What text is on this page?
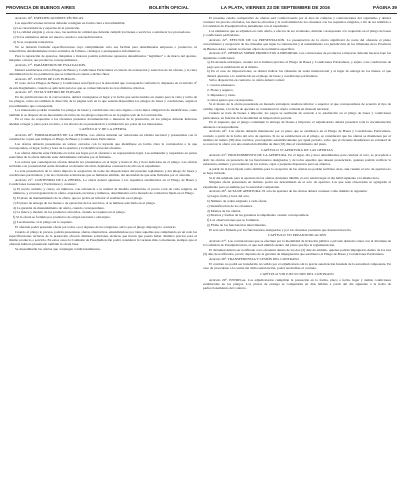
PROVINCIA DE BUENOS AIRES	BOLETÍN OFICIAL	LA PLATA, VIERNES 23 DE SEPTIEMBRE DE 2016	PÁGINA 39

Artículo 16°. ESPECIFICACIONES TÉCNICAS.

Las especificaciones técnicas deberán consignar en forma clara e inconfundible:

a) Las características y especies de la prestación.

b) La calidad exigida y, en su caso, las normas de calidad que deberán cumplir los bienes o servicios o satisfacer los proveedores.

c) Si los elementos deben ser nuevos, usados o reacondicionados.

d) Si se aceptarán tolerancias.

No se deberán formular especificaciones cuyo cumplimiento sólo sea factible para determinadas empresas o productos, ni transcribirse detalladamente textos extraídos de folletos, catálogos o presupuestos informativos.

Para la reparación de aparatos, máquinas o motores podrán solicitarse repuestos denominados “legítimos” o de marca del aparato, máquina o motor, sus productos correspondientes.

Artículo 17°. PARÁMETROS DE EVALUACIÓN.

Deberá establecerse en los Pliegos de Bases y Condiciones Particulares el criterio de evaluación y selección de las ofertas, y la clara determinación de los parámetros que se tomarán en cuenta a dichos fines.

Artículo 18°. COSTOS DE LOS PLIEGOS.

El costo de los Pliegos de Bases y Condiciones será fijado por la Autoridad que corresponda conforme lo dispuesto en el artículo 4° de este Reglamento, cuando se aplicarán para los que se comercializarán los tres distintos criterios.

Artículo 19°. VISTA Y RETIRO DE PLIEGOS.

En las publicaciones de la convocatoria, deberá consignarse el lugar y la fecha que serán tenidos en cuenta para la vista y retiro de los pliegos, como así también la dirección de la página web en la que estarán disponibles los pliegos de bases y condiciones, según el procedimiento que corresponda.

Los interesados podrán consultar los pliegos de bases y condiciones sin costo alguno, con la única obligación de identificarse, como también si se dispone de un mecanismo de retiro de los pliegos respectivos en la página web de la Contratación.

En el caso de requerirse a los oferentes presentar documentación o muestras de la prestación, en los pliegos deberán indicarse además el lugar y plazo para el retiro, a los efectos de su presentación y tramitación por parte de los interesados.

CAPÍTULO V DE LA OFERTA

Artículo 20°. FORMALIDADES DE LA OFERTA. Las ofertas deberán ser redactadas en idioma nacional y presentadas con la cantidad de copias que indique el Pliego de Bases y Condiciones Particulares.

Las ofertas deberán presentarse en sobres cerrados con la leyenda que identifique en forma clara la contratación a la que corresponden, el lugar, fecha y hora de la apertura y la identificación del oferente.

Las ofertas deberán estar firmadas en todas sus hojas por el oferente o su representante legal. Las enmiendas y raspaduras en partes esenciales de la oferta deberán estar debidamente salvadas por el firmante.

Los sobres que contengan las ofertas deberán ser presentados en el lugar y hasta el día y hora indicados en el pliego. Las ofertas recibidas con posterioridad serán devueltas al oferente sin abrir, dejándose constancia de ello en el expediente.

La sola presentación de la oferta importa la aceptación de todas las disposiciones del presente reglamento y del pliego de bases y condiciones particulares, y de las circulares aclaratorias que se hubieren emitido, sin necesidad de que sean firmadas por el oferente.

Artículo 21°. CONTENIDO DE LA OFERTA. La oferta deberá ajustarse a los requisitos establecidos en el Pliego de Bases y Condiciones Generales y Particulares y contener:

a) El precio unitario y cierto, en números, con referencia a la unidad de medida establecida, el precio total de cada renglón, en números, y el total general de la oferta, expresado en letras y números, determinados en la moneda de cotización fijada en el Pliego.

b) El plazo de mantenimiento de la oferta, que no podrá ser inferior al establecido en el pliego.

c) El plazo de entrega de los bienes o de ejecución de los servicios, si se hubiese solicitado en el pliego.

d) La garantía de mantenimiento de oferta, cuando correspondiere.

e) La marca y modelo de los productos ofrecidos, cuando se requiera en el pliego.

f) Si la oferta se formula por productos de origen nacional o extranjero.

g) Las muestras, si el pliego así lo requiere.

El oferente podrá presentar oferta por todos o por algunos de los renglones, salvo que el pliego disponga lo contrario.

Cuando el pliego lo prevea, podrán presentarse ofertas alternativas, entendiéndose por tales aquellas que cumpliendo en un todo las especificaciones técnicas de la prestación ofrecen distintas soluciones técnicas que hacen que pueda haber distintos precios para el mismo producto o servicio. En estos casos la Comisión de Preadjudicación podrá considerar la variante más conveniente, siempre que el oferente hubiera presentado también la oferta base.

Se desestimarán las ofertas que contengan condicionamientos.

El presente cuadro comparativo de ofertas será confeccionado por el área de compras y contrataciones del organismo y deberá contener los precios ofertados, las marcas ofrecidas y la conformidad de los oferentes con los requisitos exigidos, a fin de ser remitido a la Comisión de Preadjudicación juntamente con el expediente.

Los elementos que se adjunten en cada oferta, a efectos de ser evaluados, deberán corresponder a lo requerido en el pliego de bases y condiciones particulares.

Artículo 22°. EFECTOS DE LA PRESENTACIÓN. La presentación de la oferta significará de parte del oferente el pleno conocimiento y aceptación de las cláusulas que rigen la contratación y el sometimiento a la jurisdicción de los tribunales de la Provincia de Buenos Aires, cuando no fueren objeto de normativa específica.

Artículo 23°. OFERTAS SOBRE PRODUCTOS A IMPORTAR. Las cotizaciones de productos a importar deberán hacerse bajo las siguientes condiciones:

a) En moneda extranjera, cuando así lo hubiera previsto el Pliego de Bases y Condiciones Particulares, y sujeto a las condiciones de pago que se establezcan en el mismo.

b) En el caso de importaciones, se deberá indicar las cláusulas de venta internacional y el lugar de entrega de los bienes, el que deberá ajustarse a lo establecido en el pliego de bases y condiciones particulares.

Salvo disposición en contrario, la oferta deberá cotizar:

1. Gastos aduaneros.

2. Fletes y seguros.

3. Impuestos y tasas.

4. Otros gastos que correspondan.

Si el monto de la oferta presentada en moneda extranjera resultara inferior o superior al que correspondiere de acuerdo al tipo de cambio vigente, a la fecha de apertura se considerará la oferta cotizada en moneda nacional.

Cuando se trate de bienes a importar, los pagos se realizarán de acuerdo a lo establecido en el pliego de bases y condiciones particulares, en función de la modalidad de importación pactada.

En el supuesto que el pliego contemple la entrega de bienes a importar, el adjudicatario deberá presentar toda la documentación aduanera correspondiente.

Artículo 24°. Las ofertas deberán mantenerse por el plazo que se establezca en el Pliego de Bases y Condiciones Particulares, contado a partir de la fecha del acto de apertura. Si no se estableciera en el pliego, se considerará que las ofertas se mantienen por el término de treinta (30) días corridos, prorrogables automáticamente por igual período, salvo que el oferente manifestara su voluntad de no renovar la oferta con una antelación mínima de diez (10) días al vencimiento del plazo.

CAPÍTULO VI APERTURA DE LAS OFERTAS

Artículo 25°. PROCEDIMIENTO DE LA APERTURA. En el lugar, día y hora determinados para celebrar el acto, se procederá a abrir las ofertas en presencia de los funcionarios designados y de todos aquellos que deseen presenciarlo, quienes podrán verificar la existencia, número y procedencia de los sobres, cajas o paquetes dispuestos para ser abiertos.

A partir de la hora fijada como término para la recepción de las ofertas no podrán recibirse otras, aun cuando el acto de apertura no se haya iniciado.

Si el día señalado para la apertura de las ofertas deviniera inhábil, el acto tendrá lugar el día hábil siguiente a la misma hora.

Ninguna oferta presentada en término podrá ser desestimada en el acto de apertura. Las que sean observadas se agregarán al expediente para su análisis por la autoridad competente.

Artículo 26°. ACTA DE APERTURA. El acta de apertura de las ofertas deberá contener como mínimo lo siguiente:

a) Lugar, fecha y hora del acto.

b) Número de orden asignado a cada oferta.

c) Identificación de los oferentes.

d) Montos de las ofertas.

e) Montos y formas de las garantías acompañadas, cuando correspondiere.

f) Las observaciones que se formulen.

g) Firma de los funcionarios intervinientes.

El acta será firmada por los funcionarios designados y por los oferentes presentes que desearen hacerlo.

CAPÍTULO VII PREADJUDICACIÓN

Artículo 27°. Las contrataciones que se efectúen por la modalidad de licitación pública o privada deberán contar con el dictamen de la Comisión de Preadjudicación, el que será emitido dentro del plazo que fije la reglamentación.

El dictamen deberá ser notificado a los oferentes dentro de los dos (2) días de emitido, quienes podrán impugnarlo dentro de los tres (3) días de notificados, previo depósito de la garantía de impugnación que establezca el Pliego de Bases y Condiciones Particulares.

Artículo 28°. TRANSFERENCIA Y CESIÓN DEL CONTRATO.

El contrato no podrá ser transferido ni cedido por el adjudicatario sin la previa autorización fundada de la autoridad competente. En caso de procederse a la cesión sin dicha autorización, podrá rescindirse el contrato.

CAPÍTULO VIII EJECUCIÓN DEL CONTRATO

Artículo 29°. ENTREGA. Los adjudicatarios cumplirán la prestación en la forma, plazo o fecha, lugar y demás condiciones establecidas en los pliegos. Los plazos de entrega se computarán en días hábiles a partir del día siguiente a la fecha de perfeccionamiento del contrato.
